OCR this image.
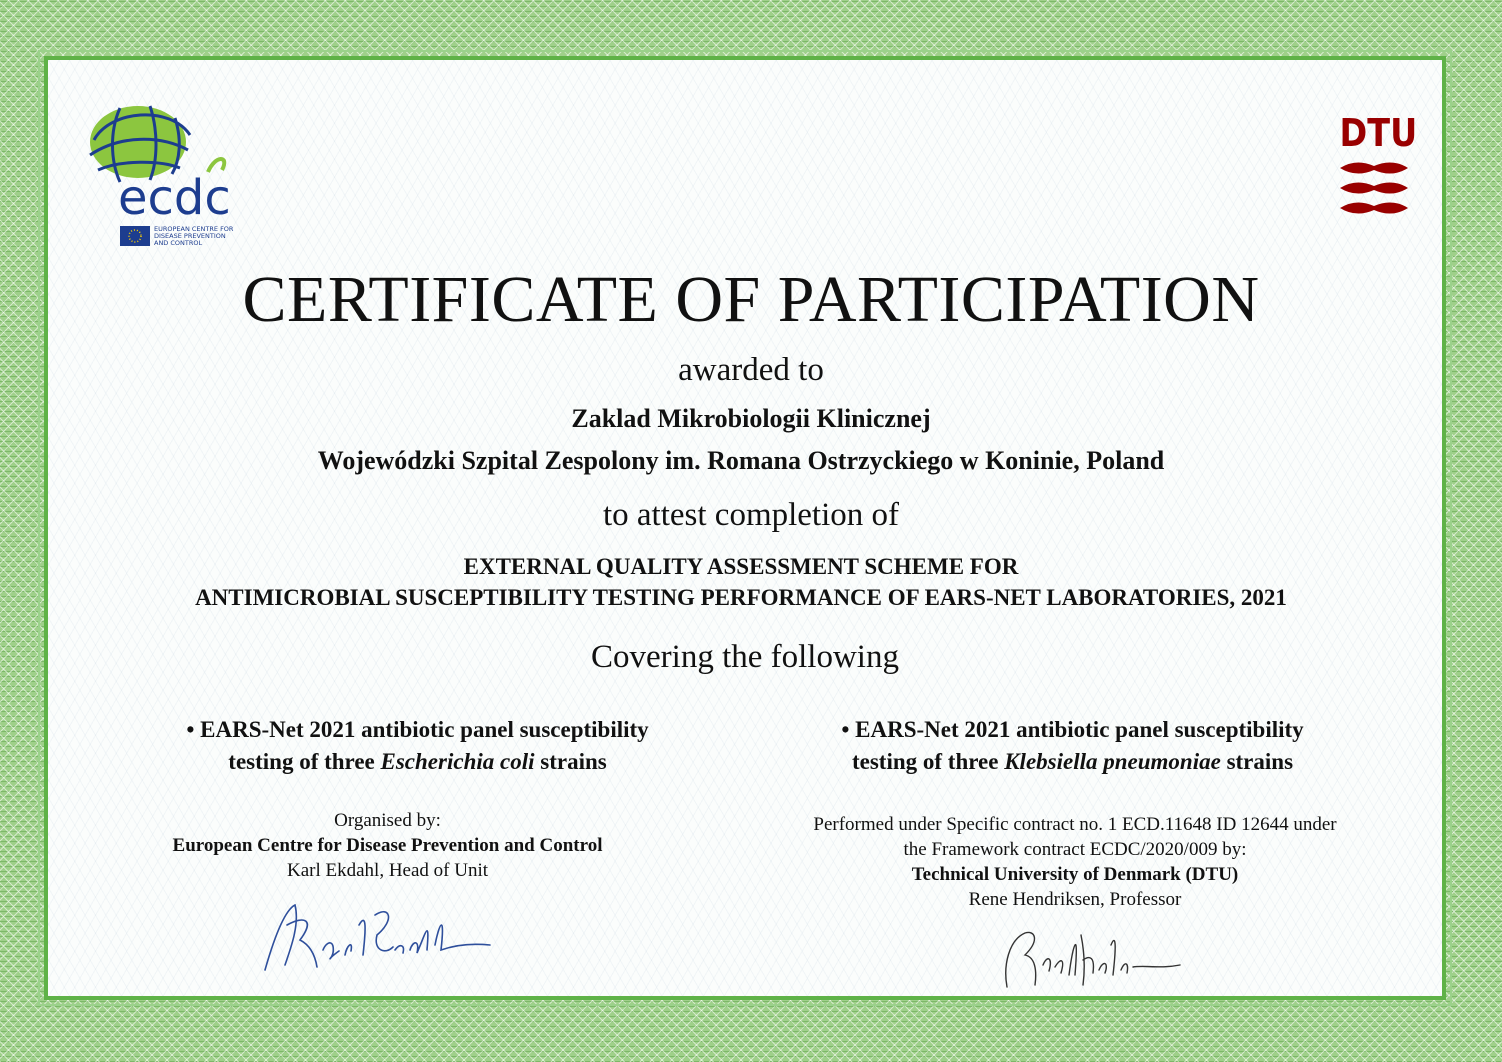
ecdc
EUROPEAN CENTRE FOR
DISEASE PREVENTION
AND CONTROL
DTU
CERTIFICATE OF PARTICIPATION
awarded to
Zaklad Mikrobiologii Klinicznej
Wojewódzki Szpital Zespolony im. Romana Ostrzyckiego w Koninie, Poland
to attest completion of
EXTERNAL QUALITY ASSESSMENT SCHEME FOR
ANTIMICROBIAL SUSCEPTIBILITY TESTING PERFORMANCE OF EARS-NET LABORATORIES, 2021
Covering the following
• EARS-Net 2021 antibiotic panel susceptibility
testing of three Escherichia coli strains
• EARS-Net 2021 antibiotic panel susceptibility
testing of three Klebsiella pneumoniae strains
Organised by:
European Centre for Disease Prevention and Control
Karl Ekdahl, Head of Unit
Performed under Specific contract no. 1 ECD.11648 ID 12644 under
the Framework contract ECDC/2020/009 by:
Technical University of Denmark (DTU)
Rene Hendriksen, Professor
